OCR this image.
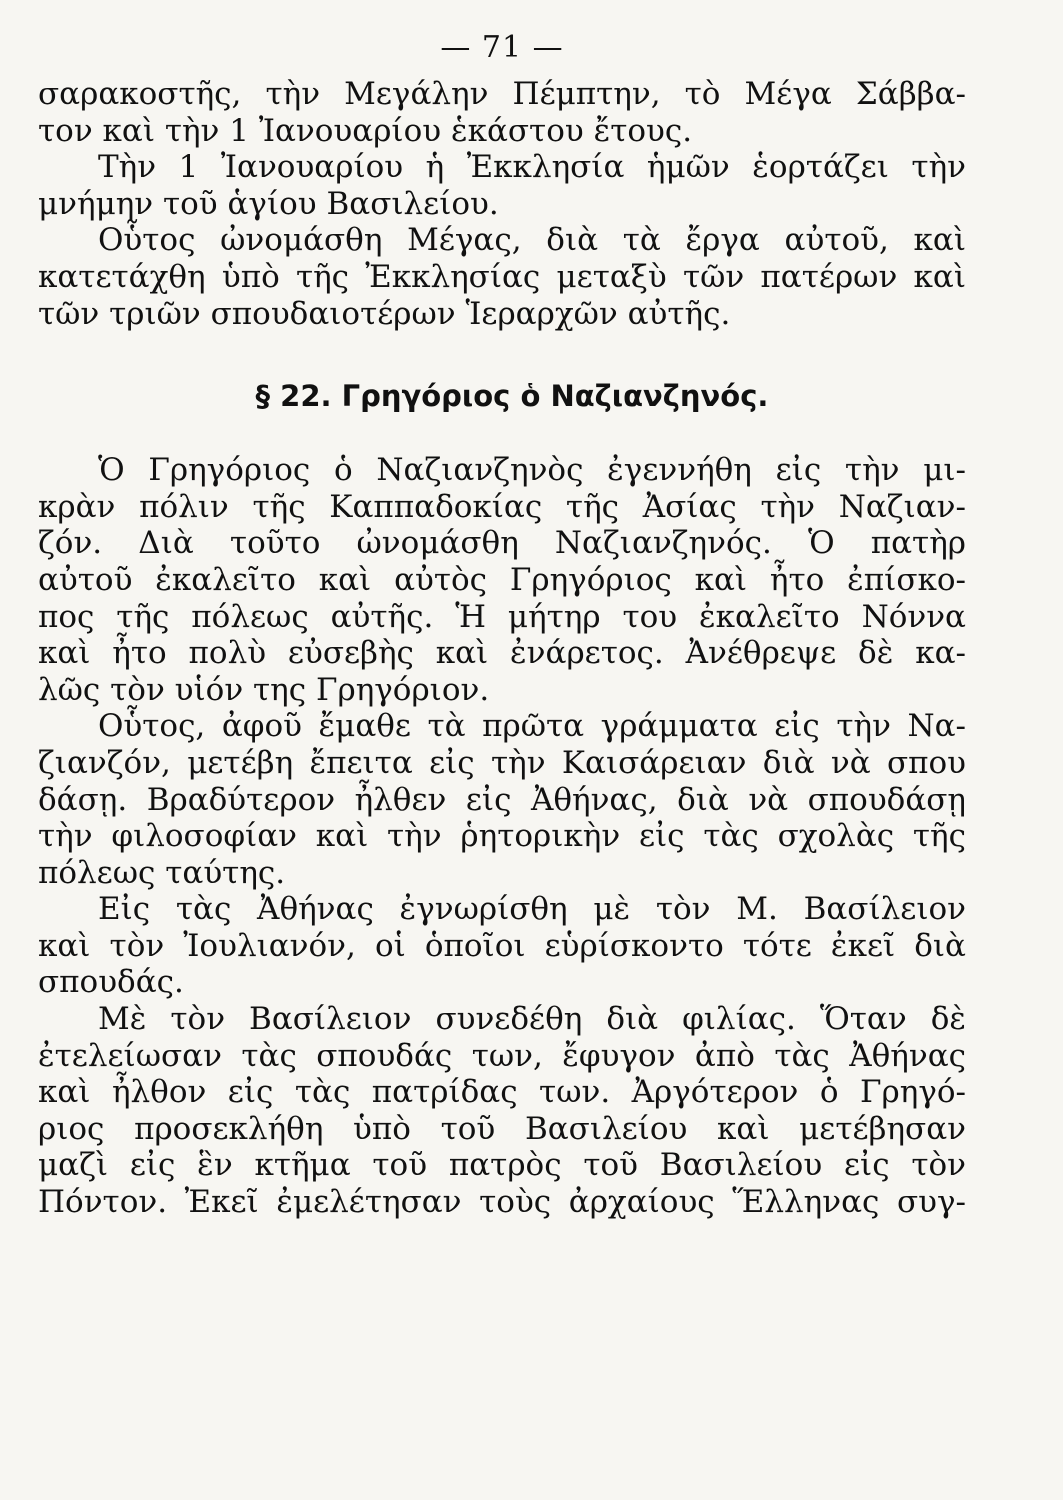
— 71 —

σαρακοστῆς, τὴν Μεγάλην Πέμπτην, τὸ Μέγα Σάββα-
τον καὶ τὴν 1 Ἰανουαρίου ἑκάστου ἔτους.

Τὴν 1 Ἰανουαρίου ἡ Ἐκκλησία ἡμῶν ἑορτάζει τὴν
μνήμην τοῦ ἁγίου Βασιλείου.

Οὗτος ὠνομάσθη Μέγας, διὰ τὰ ἔργα αὐτοῦ, καὶ
κατετάχθη ὑπὸ τῆς Ἐκκλησίας μεταξὺ τῶν πατέρων καὶ
τῶν τριῶν σπουδαιοτέρων Ἱεραρχῶν αὐτῆς.

§ 22. Γρηγόριος ὁ Ναζιανζηνός.

Ὁ Γρηγόριος ὁ Ναζιανζηνὸς ἐγεννήθη εἰς τὴν μι-
κρὰν πόλιν τῆς Καππαδοκίας τῆς Ἀσίας τὴν Ναζιαν-
ζόν. Διὰ τοῦτο ὠνομάσθη Ναζιανζηνός. Ὁ πατὴρ
αὐτοῦ ἐκαλεῖτο καὶ αὐτὸς Γρηγόριος καὶ ἦτο ἐπίσκο-
πος τῆς πόλεως αὐτῆς. Ἡ μήτηρ του ἐκαλεῖτο Νόννα
καὶ ἦτο πολὺ εὐσεβὴς καὶ ἐνάρετος. Ἀνέθρεψε δὲ κα-
λῶς τὸν υἱόν της Γρηγόριον.

Οὗτος, ἀφοῦ ἔμαθε τὰ πρῶτα γράμματα εἰς τὴν Να-
ζιανζόν, μετέβη ἔπειτα εἰς τὴν Καισάρειαν διὰ νὰ σπου
δάσῃ. Βραδύτερον ἦλθεν εἰς Ἀθήνας, διὰ νὰ σπουδάσῃ
τὴν φιλοσοφίαν καὶ τὴν ῥητορικὴν εἰς τὰς σχολὰς τῆς
πόλεως ταύτης.

Εἰς τὰς Ἀθήνας ἐγνωρίσθη μὲ τὸν Μ. Βασίλειον
καὶ τὸν Ἰουλιανόν, οἱ ὁποῖοι εὑρίσκοντο τότε ἐκεῖ διὰ
σπουδάς.

Μὲ τὸν Βασίλειον συνεδέθη διὰ φιλίας. Ὅταν δὲ
ἐτελείωσαν τὰς σπουδάς των, ἔφυγον ἀπὸ τὰς Ἀθήνας
καὶ ἦλθον εἰς τὰς πατρίδας των. Ἀργότερον ὁ Γρηγό-
ριος προσεκλήθη ὑπὸ τοῦ Βασιλείου καὶ μετέβησαν
μαζὶ εἰς ἓν κτῆμα τοῦ πατρὸς τοῦ Βασιλείου εἰς τὸν
Πόντον. Ἐκεῖ ἐμελέτησαν τοὺς ἀρχαίους Ἕλληνας συγ-
